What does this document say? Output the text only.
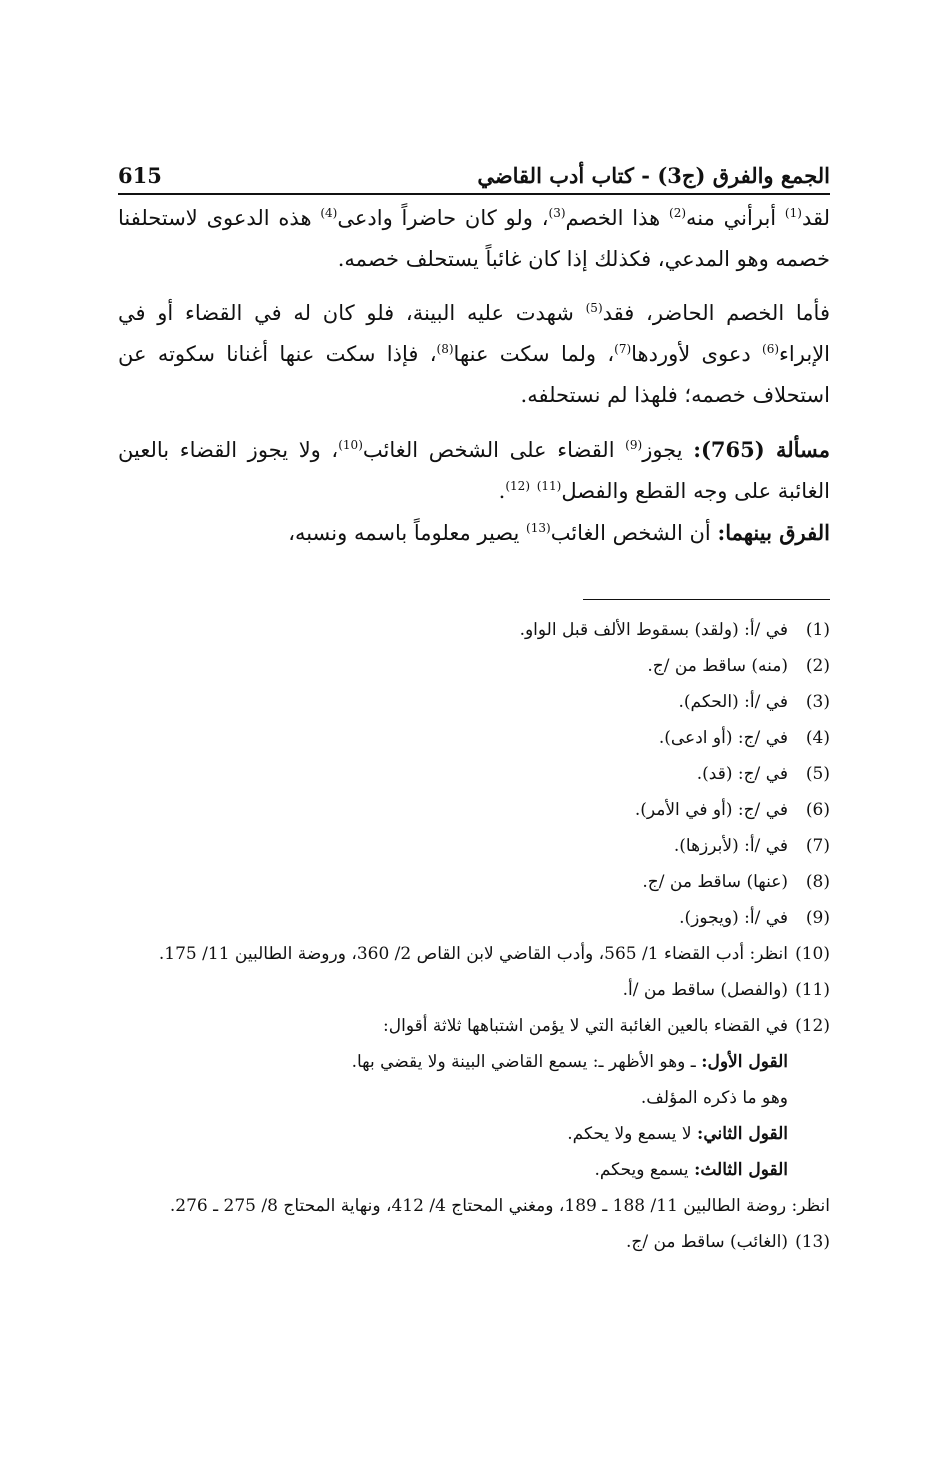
الجمع والفرق (ج3) - كتاب أدب القاضي
615

لقد$^{(1)}$ أبرأني منه$^{(2)}$ هذا الخصم$^{(3)}$، ولو كان حاضراً وادعى$^{(4)}$ هذه الدعوى لاستحلفنا خصمه وهو المدعي، فكذلك إذا كان غائباً يستحلف خصمه.

فأما الخصم الحاضر، فقد$^{(5)}$ شهدت عليه البينة، فلو كان له في القضاء أو في الإبراء$^{(6)}$ دعوى لأوردها$^{(7)}$، ولما سكت عنها$^{(8)}$، فإذا سكت عنها أغنانا سكوته عن استحلاف خصمه؛ فلهذا لم نستحلفه.

مسألة (765): يجوز$^{(9)}$ القضاء على الشخص الغائب$^{(10)}$، ولا يجوز القضاء بالعين الغائبة على وجه القطع والفصل$^{(11)}$ $^{(12)}$.

الفرق بينهما: أن الشخص الغائب$^{(13)}$ يصير معلوماً باسمه ونسبه،

(1)
في /أ: (ولقد) بسقوط الألف قبل الواو.
(2)
(منه) ساقط من /ج.
(3)
في /أ: (الحكم).
(4)
في /ج: (أو ادعى).
(5)
في /ج: (قد).
(6)
في /ج: (أو في الأمر).
(7)
في /أ: (لأبرزها).
(8)
(عنها) ساقط من /ج.
(9)
في /أ: (ويجوز).
(10)
انظر: أدب القضاء 1/ 565، وأدب القاضي لابن القاص 2/ 360، وروضة الطالبين 11/ 175.
(11)
(والفصل) ساقط من /أ.
(12)
في القضاء بالعين الغائبة التي لا يؤمن اشتباهها ثلاثة أقوال:
القول الأول: ـ وهو الأظهر ـ: يسمع القاضي البينة ولا يقضي بها.
وهو ما ذكره المؤلف.
القول الثاني: لا يسمع ولا يحكم.
القول الثالث: يسمع ويحكم.
انظر: روضة الطالبين 11/ 188 ـ 189، ومغني المحتاج 4/ 412، ونهاية المحتاج 8/ 275 ـ 276.
(13)
(الغائب) ساقط من /ج.
